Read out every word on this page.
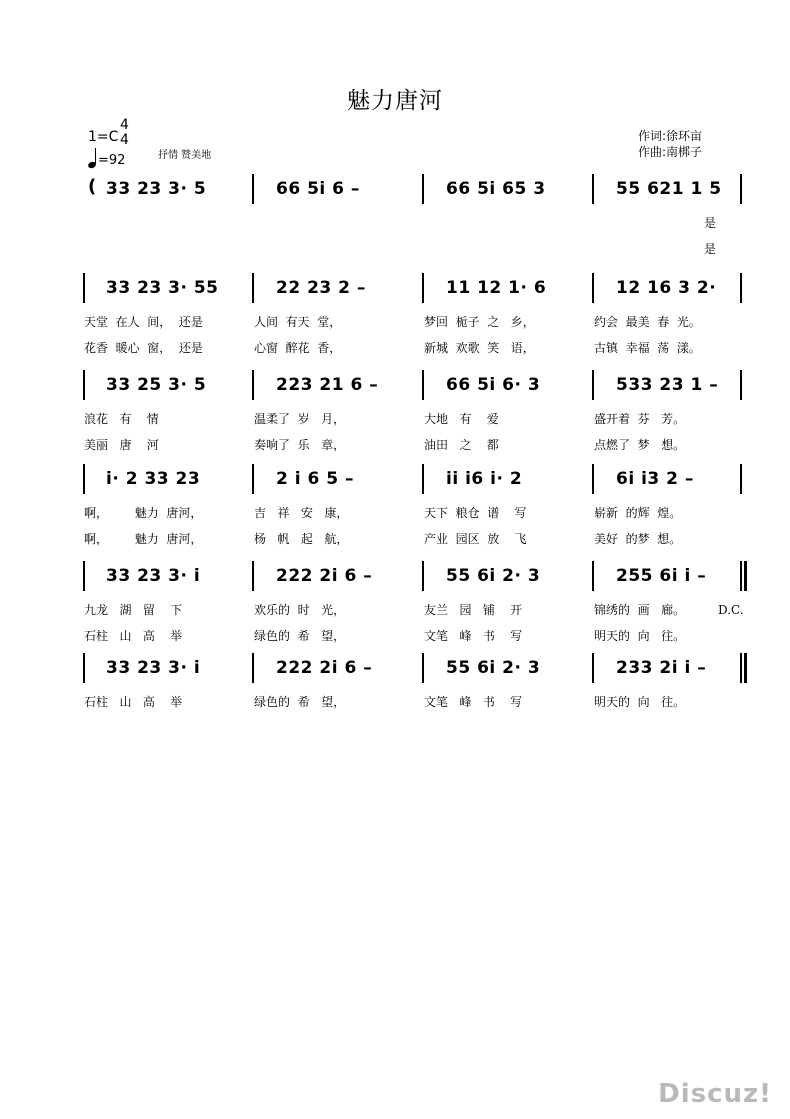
魅力唐河
1=C
4
4
=92	抒情 赞美地
作词:徐环亩
作曲:南梆子
( 33 23 3· 5	66 5i 6 –	66 5i 65 3	55 621 1 5
是
是
33 23 3· 55	22 23 2 –	11 12 1· 6	12 16 3 2·
天堂  在人  间，  还是	人间  有天  堂，	梦回  栀子  之   乡，	约会  最美  春  光。
花香  暖心  窗，  还是	心窗  醉花  香，	新城  欢歌  笑   语，	古镇  幸福  荡  漾。
33 25 3· 5	223 21 6 –	66 5i 6· 3	533 23 1 –
浪花   有    情	温柔了  岁   月，	大地   有    爱	盛开着  芬   芳。
美丽   唐    河	奏响了  乐   章，	油田   之    都	点燃了  梦   想。
i· 2 33 23	2 i 6 5 –	ii i6 i· 2	6i i3 2 –
啊，       魅力  唐河，	吉   祥   安   康，	天下  粮仓  谱    写	崭新  的辉  煌。
啊，       魅力  唐河，	杨   帆   起   航，	产业  园区  放    飞	美好  的梦  想。
33 23 3· i	222 2i 6 –	55 6i 2· 3	255 6i i –
九龙   湖   留    下	欢乐的  时   光，	友兰   园   铺    开	锦绣的  画   廊。
石柱   山   高    举	绿色的  希   望，	文笔   峰   书    写	明天的  向   往。
D.C.
33 23 3· i	222 2i 6 –	55 6i 2· 3	233 2i i –
石柱   山   高    举	绿色的  希   望，	文笔   峰   书    写	明天的  向   往。
Discuz!
